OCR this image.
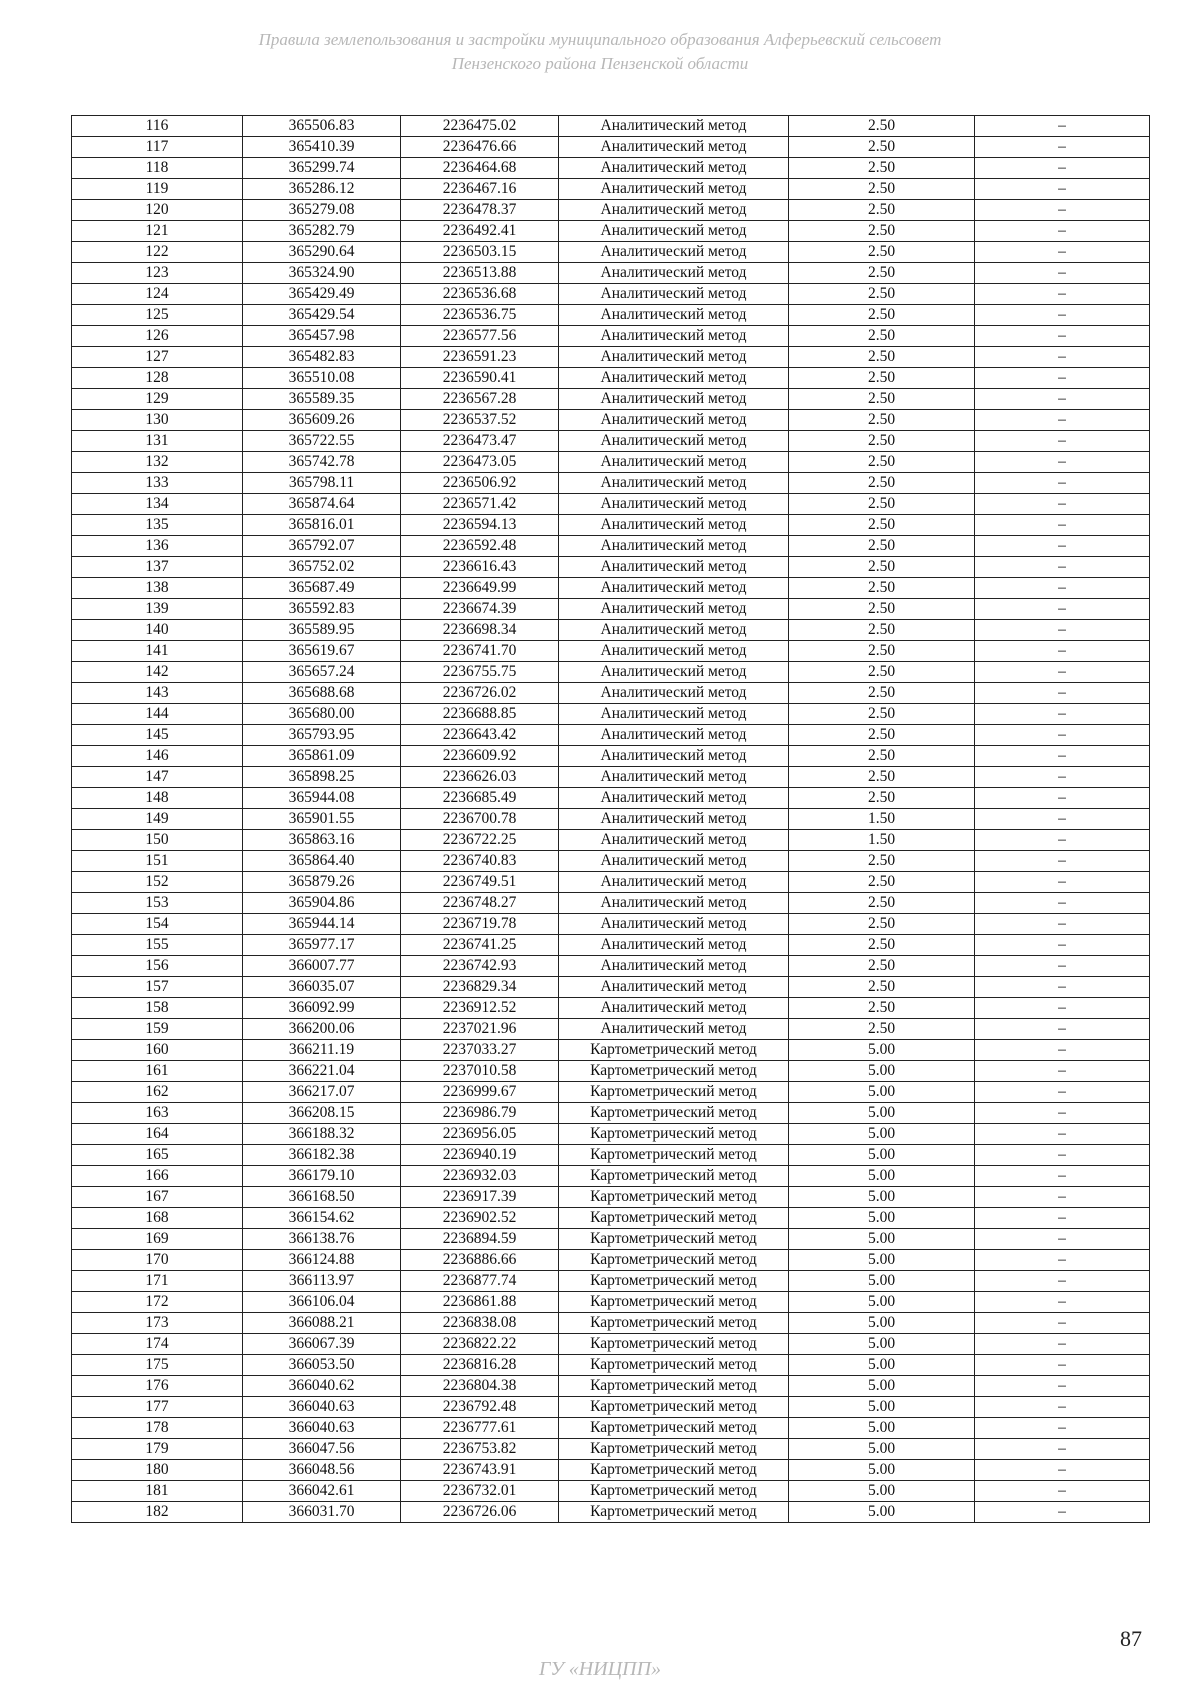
Правила землепользования и застройки муниципального образования Алферьевский сельсовет
Пензенского района Пензенской области
116	365506.83	2236475.02	Аналитический метод	2.50	–
117	365410.39	2236476.66	Аналитический метод	2.50	–
118	365299.74	2236464.68	Аналитический метод	2.50	–
119	365286.12	2236467.16	Аналитический метод	2.50	–
120	365279.08	2236478.37	Аналитический метод	2.50	–
121	365282.79	2236492.41	Аналитический метод	2.50	–
122	365290.64	2236503.15	Аналитический метод	2.50	–
123	365324.90	2236513.88	Аналитический метод	2.50	–
124	365429.49	2236536.68	Аналитический метод	2.50	–
125	365429.54	2236536.75	Аналитический метод	2.50	–
126	365457.98	2236577.56	Аналитический метод	2.50	–
127	365482.83	2236591.23	Аналитический метод	2.50	–
128	365510.08	2236590.41	Аналитический метод	2.50	–
129	365589.35	2236567.28	Аналитический метод	2.50	–
130	365609.26	2236537.52	Аналитический метод	2.50	–
131	365722.55	2236473.47	Аналитический метод	2.50	–
132	365742.78	2236473.05	Аналитический метод	2.50	–
133	365798.11	2236506.92	Аналитический метод	2.50	–
134	365874.64	2236571.42	Аналитический метод	2.50	–
135	365816.01	2236594.13	Аналитический метод	2.50	–
136	365792.07	2236592.48	Аналитический метод	2.50	–
137	365752.02	2236616.43	Аналитический метод	2.50	–
138	365687.49	2236649.99	Аналитический метод	2.50	–
139	365592.83	2236674.39	Аналитический метод	2.50	–
140	365589.95	2236698.34	Аналитический метод	2.50	–
141	365619.67	2236741.70	Аналитический метод	2.50	–
142	365657.24	2236755.75	Аналитический метод	2.50	–
143	365688.68	2236726.02	Аналитический метод	2.50	–
144	365680.00	2236688.85	Аналитический метод	2.50	–
145	365793.95	2236643.42	Аналитический метод	2.50	–
146	365861.09	2236609.92	Аналитический метод	2.50	–
147	365898.25	2236626.03	Аналитический метод	2.50	–
148	365944.08	2236685.49	Аналитический метод	2.50	–
149	365901.55	2236700.78	Аналитический метод	1.50	–
150	365863.16	2236722.25	Аналитический метод	1.50	–
151	365864.40	2236740.83	Аналитический метод	2.50	–
152	365879.26	2236749.51	Аналитический метод	2.50	–
153	365904.86	2236748.27	Аналитический метод	2.50	–
154	365944.14	2236719.78	Аналитический метод	2.50	–
155	365977.17	2236741.25	Аналитический метод	2.50	–
156	366007.77	2236742.93	Аналитический метод	2.50	–
157	366035.07	2236829.34	Аналитический метод	2.50	–
158	366092.99	2236912.52	Аналитический метод	2.50	–
159	366200.06	2237021.96	Аналитический метод	2.50	–
160	366211.19	2237033.27	Картометрический метод	5.00	–
161	366221.04	2237010.58	Картометрический метод	5.00	–
162	366217.07	2236999.67	Картометрический метод	5.00	–
163	366208.15	2236986.79	Картометрический метод	5.00	–
164	366188.32	2236956.05	Картометрический метод	5.00	–
165	366182.38	2236940.19	Картометрический метод	5.00	–
166	366179.10	2236932.03	Картометрический метод	5.00	–
167	366168.50	2236917.39	Картометрический метод	5.00	–
168	366154.62	2236902.52	Картометрический метод	5.00	–
169	366138.76	2236894.59	Картометрический метод	5.00	–
170	366124.88	2236886.66	Картометрический метод	5.00	–
171	366113.97	2236877.74	Картометрический метод	5.00	–
172	366106.04	2236861.88	Картометрический метод	5.00	–
173	366088.21	2236838.08	Картометрический метод	5.00	–
174	366067.39	2236822.22	Картометрический метод	5.00	–
175	366053.50	2236816.28	Картометрический метод	5.00	–
176	366040.62	2236804.38	Картометрический метод	5.00	–
177	366040.63	2236792.48	Картометрический метод	5.00	–
178	366040.63	2236777.61	Картометрический метод	5.00	–
179	366047.56	2236753.82	Картометрический метод	5.00	–
180	366048.56	2236743.91	Картометрический метод	5.00	–
181	366042.61	2236732.01	Картометрический метод	5.00	–
182	366031.70	2236726.06	Картометрический метод	5.00	–
87
ГУ «НИЦПП»
